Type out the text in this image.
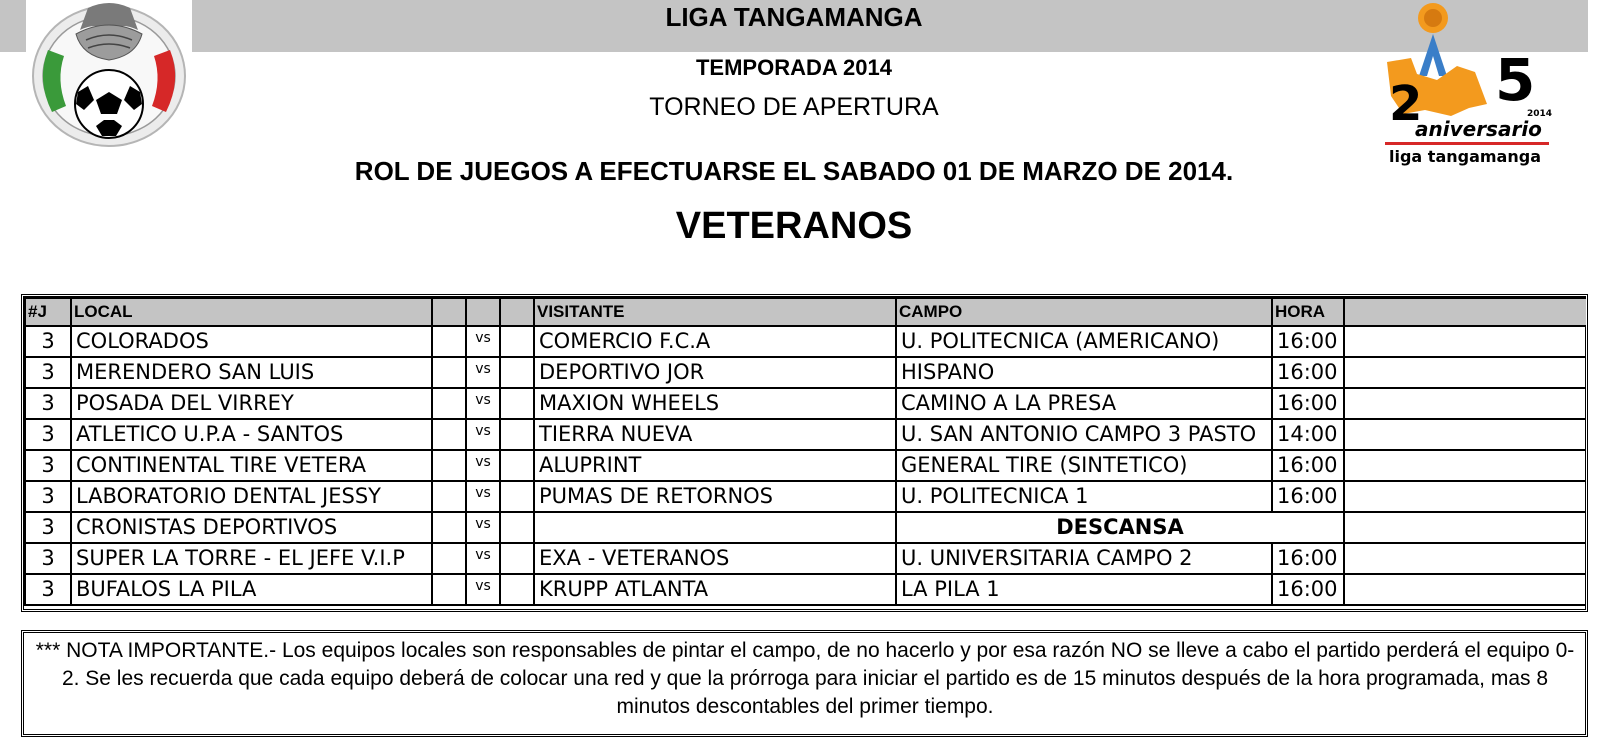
LIGA TANGAMANGA
5
2	2014
aniversario
liga tangamanga
TEMPORADA 2014
TORNEO DE APERTURA
ROL DE JUEGOS A EFECTUARSE EL SABADO 01 DE MARZO DE 2014.
VETERANOS
#J	LOCAL				VISITANTE	CAMPO	HORA	
3	COLORADOS		vs		COMERCIO F.C.A	U. POLITECNICA (AMERICANO)	16:00	
3	MERENDERO SAN LUIS		vs		DEPORTIVO JOR	HISPANO	16:00	
3	POSADA DEL VIRREY		vs		MAXION WHEELS	CAMINO A LA PRESA	16:00	
3	ATLETICO U.P.A - SANTOS		vs		TIERRA NUEVA	U. SAN ANTONIO CAMPO 3 PASTO	14:00	
3	CONTINENTAL TIRE VETERA		vs		ALUPRINT	GENERAL TIRE (SINTETICO)	16:00	
3	LABORATORIO DENTAL JESSY		vs		PUMAS DE RETORNOS	U. POLITECNICA 1	16:00	
3	CRONISTAS DEPORTIVOS		vs			DESCANSA		
3	SUPER LA TORRE - EL JEFE V.I.P		vs		EXA - VETERANOS	U. UNIVERSITARIA CAMPO 2	16:00	
3	BUFALOS LA PILA		vs		KRUPP ATLANTA	LA PILA 1	16:00	
*** NOTA IMPORTANTE.- Los equipos locales son responsables de pintar el campo, de no hacerlo y por esa razón NO se lleve a cabo el partido perderá el equipo 0-2. Se les recuerda que cada equipo deberá de colocar una red y que la prórroga para iniciar el partido es de 15 minutos después de la hora programada, mas 8 minutos descontables del primer tiempo.
